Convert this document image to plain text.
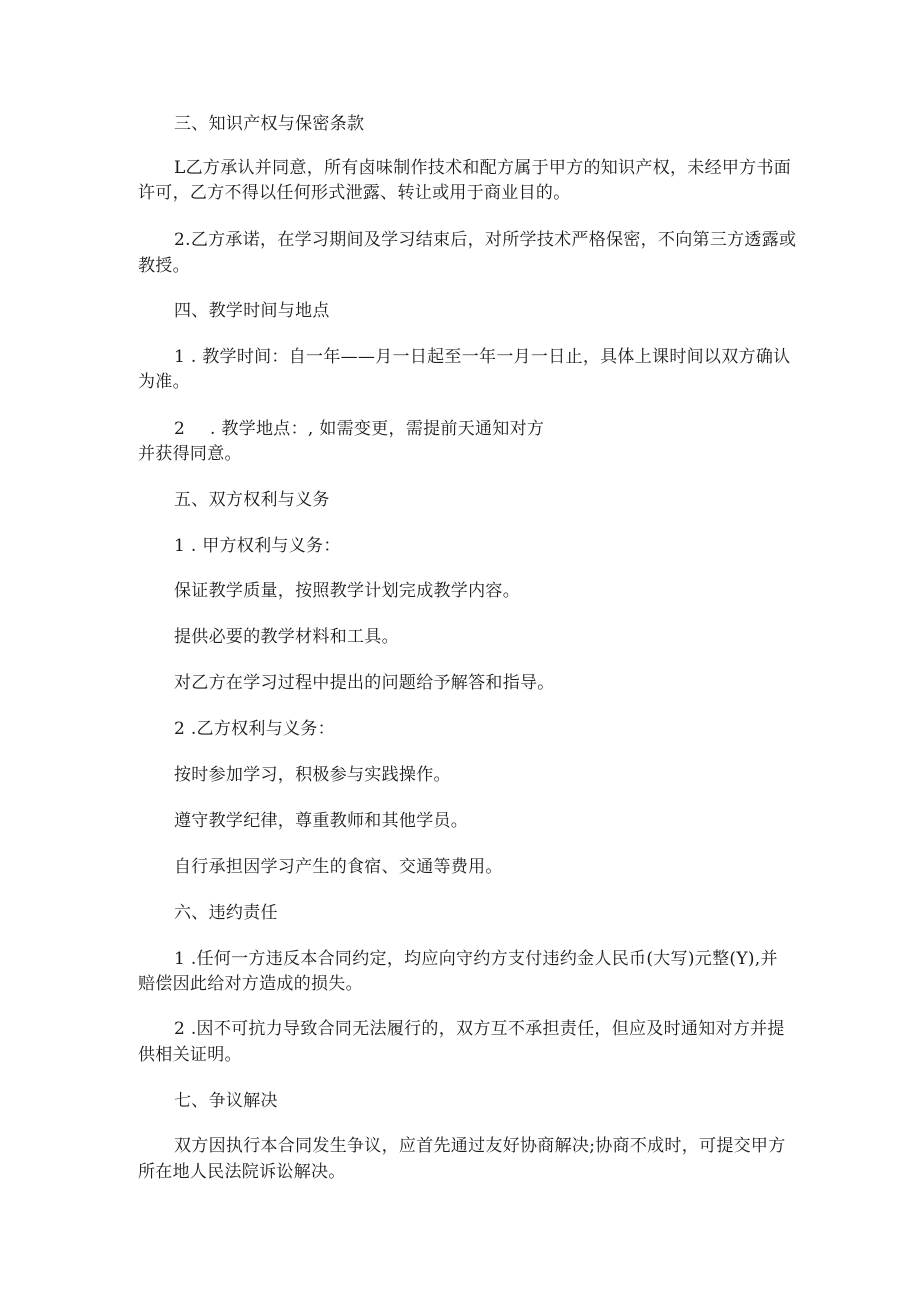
三、知识产权与保密条款
L乙方承认并同意，所有卤味制作技术和配方属于甲方的知识产权，未经甲方书面
许可，乙方不得以任何形式泄露、转让或用于商业目的。
2.乙方承诺，在学习期间及学习结束后，对所学技术严格保密，不向第三方透露或
教授。
四、教学时间与地点
1 . 教学时间：自一年——月一日起至一年一月一日止，具体上课时间以双方确认
为准。
2 . 教学地点：, 如需变更，需提前天通知对方
并获得同意。
五、双方权利与义务
1 . 甲方权利与义务：
保证教学质量，按照教学计划完成教学内容。
提供必要的教学材料和工具。
对乙方在学习过程中提出的问题给予解答和指导。
2 .乙方权利与义务：
按时参加学习，积极参与实践操作。
遵守教学纪律，尊重教师和其他学员。
自行承担因学习产生的食宿、交通等费用。
六、违约责任
1 .任何一方违反本合同约定，均应向守约方支付违约金人民币(大写)元整(Y),并
赔偿因此给对方造成的损失。
2 .因不可抗力导致合同无法履行的，双方互不承担责任，但应及时通知对方并提
供相关证明。
七、争议解决
双方因执行本合同发生争议，应首先通过友好协商解决;协商不成时，可提交甲方
所在地人民法院诉讼解决。
